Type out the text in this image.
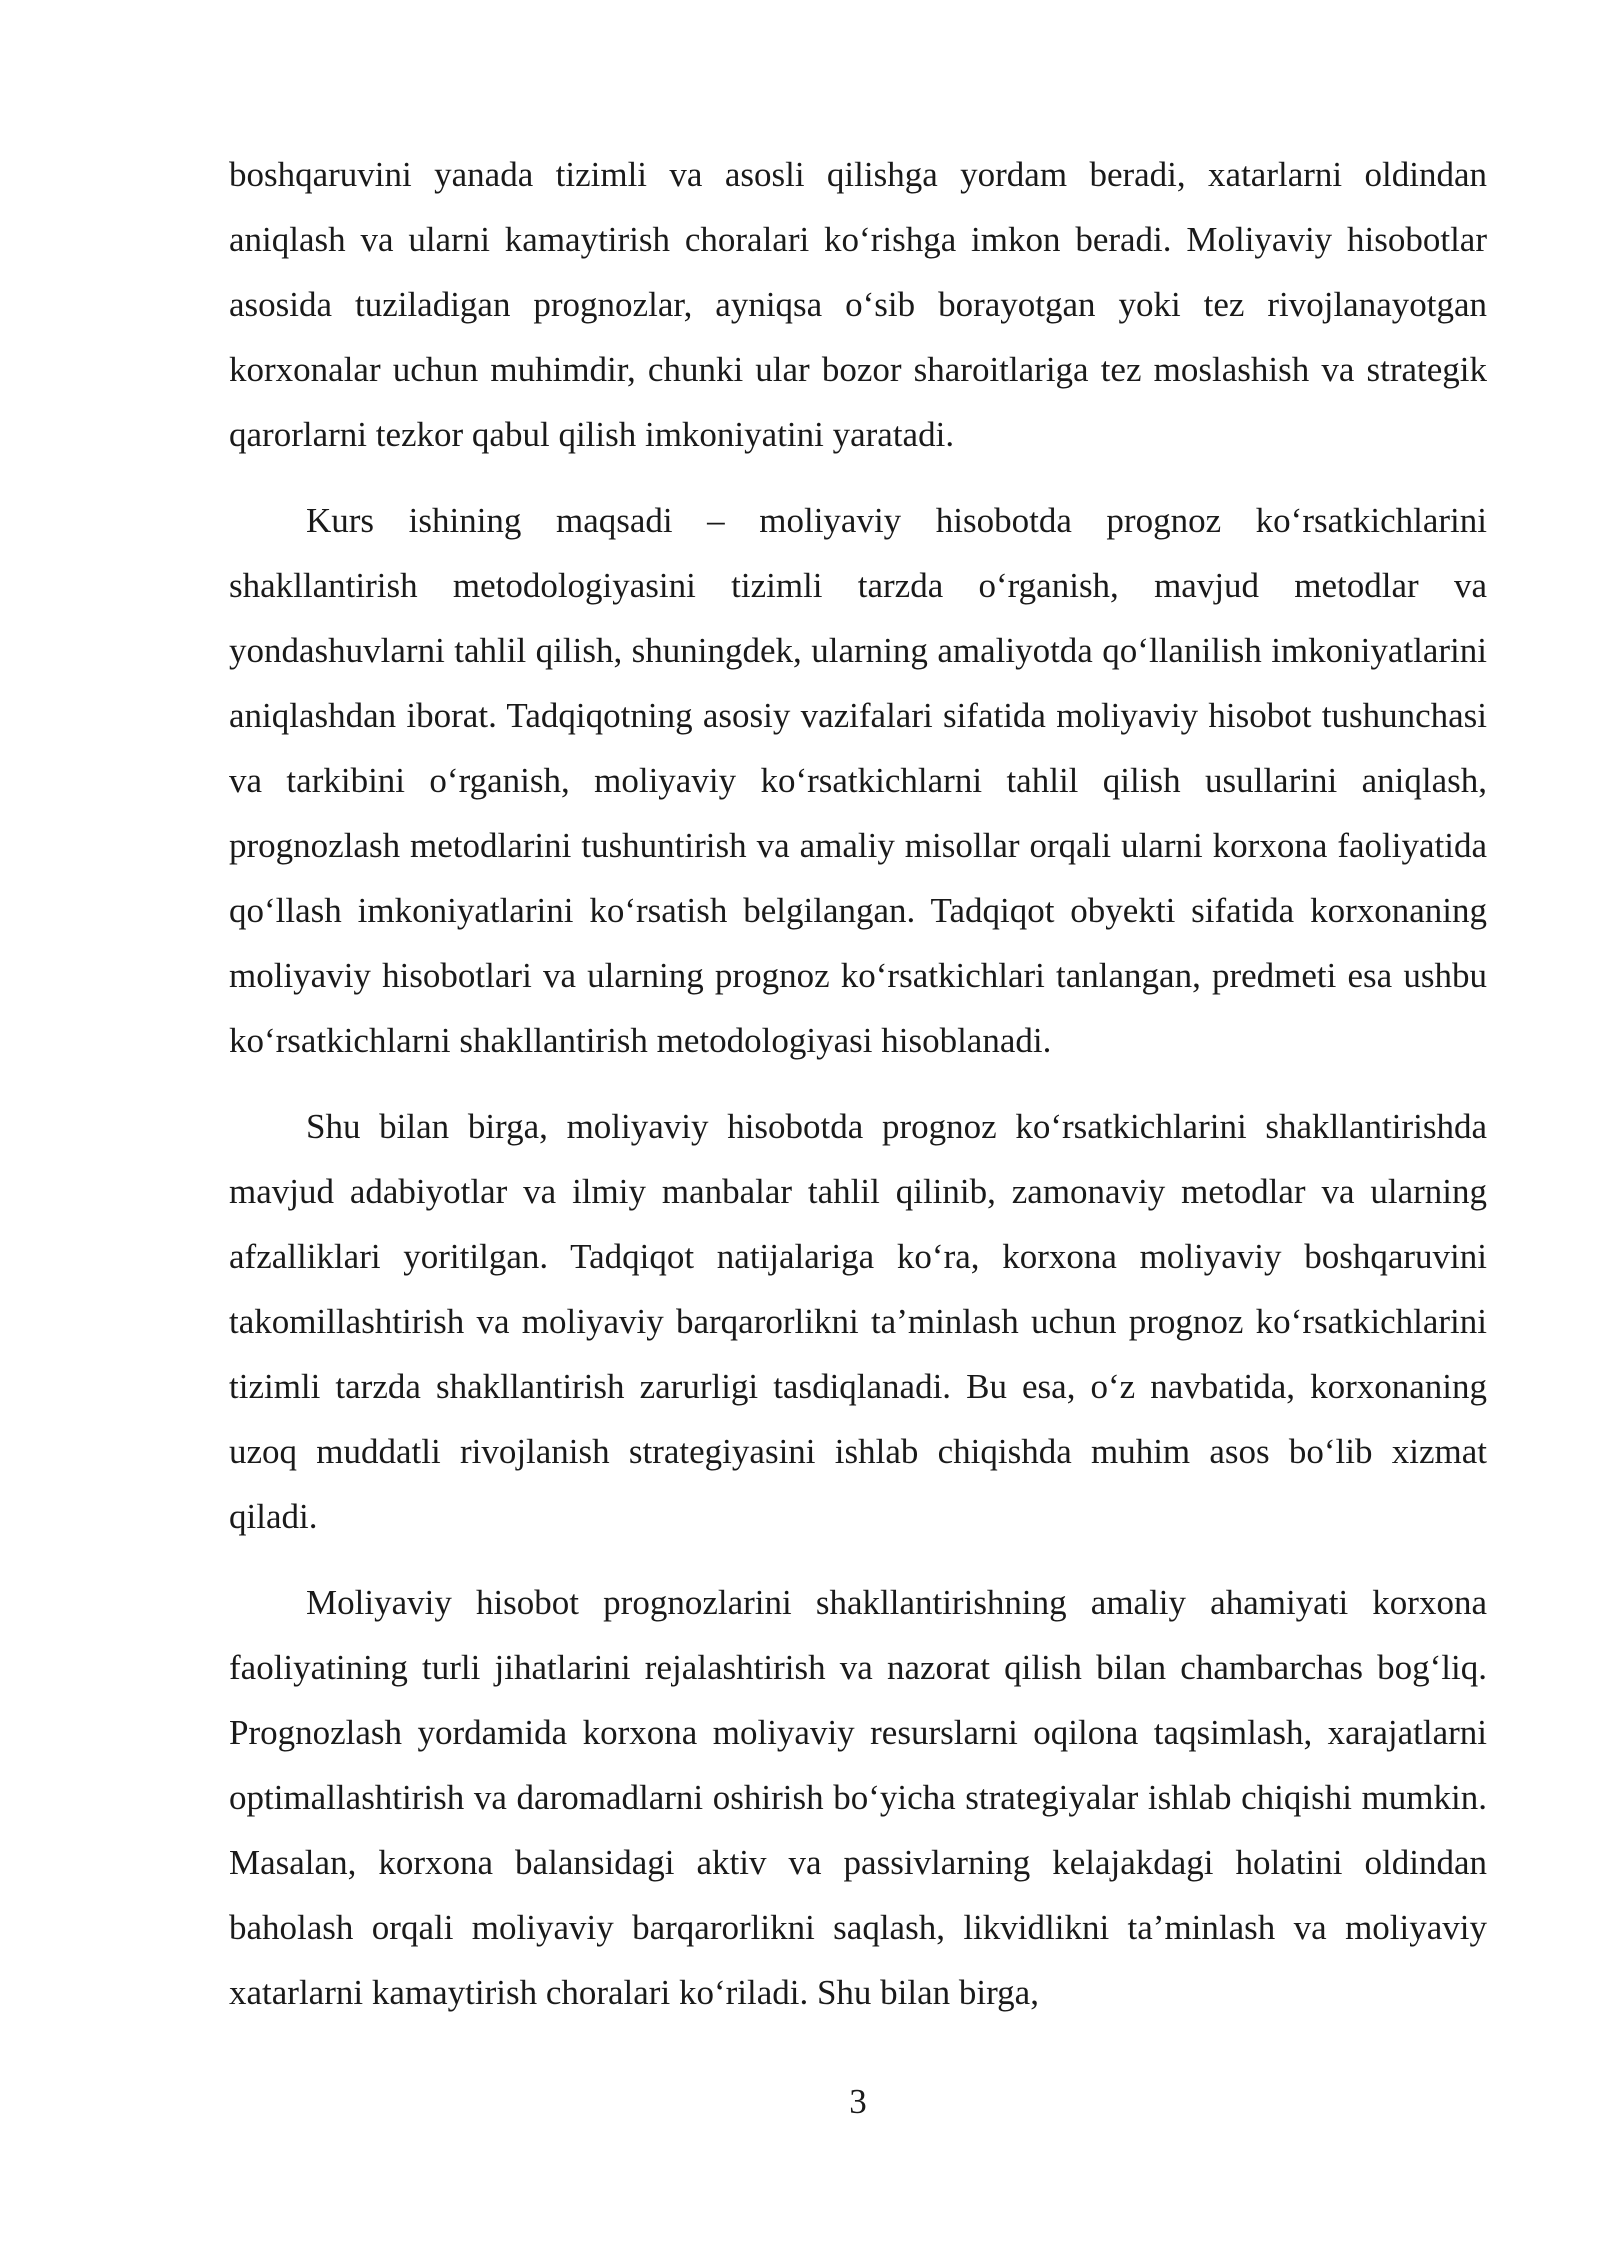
boshqaruvini yanada tizimli va asosli qilishga yordam beradi, xatarlarni oldindan aniqlash va ularni kamaytirish choralari koʻrishga imkon beradi. Moliyaviy hisobotlar asosida tuziladigan prognozlar, ayniqsa oʻsib borayotgan yoki tez rivojlanayotgan korxonalar uchun muhimdir, chunki ular bozor sharoitlariga tez moslashish va strategik qarorlarni tezkor qabul qilish imkoniyatini yaratadi.

Kurs ishining maqsadi – moliyaviy hisobotda prognoz koʻrsatkichlarini shakllantirish metodologiyasini tizimli tarzda oʻrganish, mavjud metodlar va yondashuvlarni tahlil qilish, shuningdek, ularning amaliyotda qoʻllanilish imkoniyatlarini aniqlashdan iborat. Tadqiqotning asosiy vazifalari sifatida moliyaviy hisobot tushunchasi va tarkibini oʻrganish, moliyaviy koʻrsatkichlarni tahlil qilish usullarini aniqlash, prognozlash metodlarini tushuntirish va amaliy misollar orqali ularni korxona faoliyatida qoʻllash imkoniyatlarini koʻrsatish belgilangan. Tadqiqot obyekti sifatida korxonaning moliyaviy hisobotlari va ularning prognoz koʻrsatkichlari tanlangan, predmeti esa ushbu koʻrsatkichlarni shakllantirish metodologiyasi hisoblanadi.

Shu bilan birga, moliyaviy hisobotda prognoz koʻrsatkichlarini shakllantirishda mavjud adabiyotlar va ilmiy manbalar tahlil qilinib, zamonaviy metodlar va ularning afzalliklari yoritilgan. Tadqiqot natijalariga koʻra, korxona moliyaviy boshqaruvini takomillashtirish va moliyaviy barqarorlikni ta’minlash uchun prognoz koʻrsatkichlarini tizimli tarzda shakllantirish zarurligi tasdiqlanadi. Bu esa, oʻz navbatida, korxonaning uzoq muddatli rivojlanish strategiyasini ishlab chiqishda muhim asos boʻlib xizmat qiladi.

Moliyaviy hisobot prognozlarini shakllantirishning amaliy ahamiyati korxona faoliyatining turli jihatlarini rejalashtirish va nazorat qilish bilan chambarchas bogʻliq. Prognozlash yordamida korxona moliyaviy resurslarni oqilona taqsimlash, xarajatlarni optimallashtirish va daromadlarni oshirish boʻyicha strategiyalar ishlab chiqishi mumkin. Masalan, korxona balansidagi aktiv va passivlarning kelajakdagi holatini oldindan baholash orqali moliyaviy barqarorlikni saqlash, likvidlikni ta’minlash va moliyaviy xatarlarni kamaytirish choralari koʻriladi. Shu bilan birga,

3
